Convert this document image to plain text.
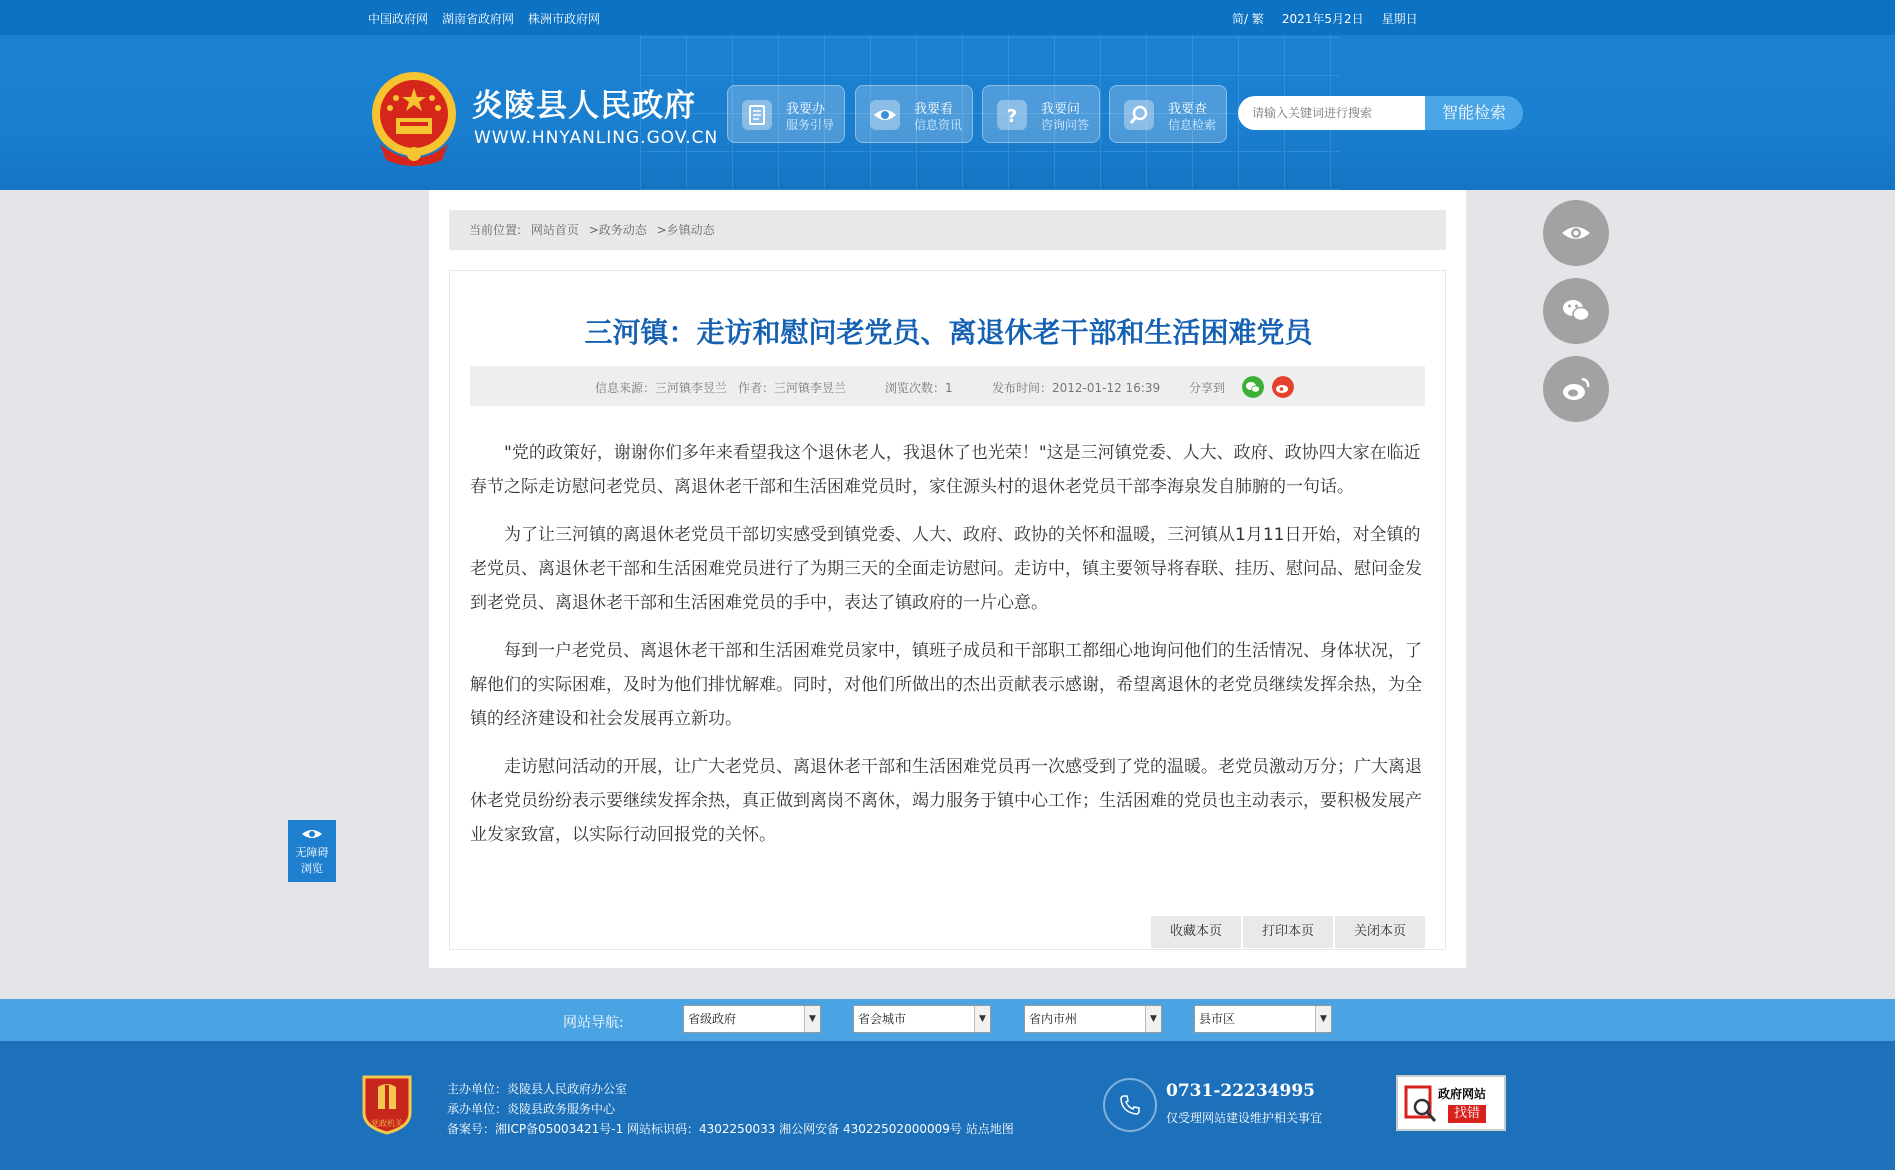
中国政府网 湖南省政府网 株洲市政府网	简/ 繁 2021年5月2日 星期日
炎陵县人民政府
WWW.HNYANLING.GOV.CN
我要办
服务引导
我要看
信息资讯 ? 我要问
咨询问答
我要查
信息检索
请输入关键词进行搜索
智能检索
当前位置: 网站首页 >政务动态 >乡镇动态
三河镇：走访和慰问老党员、离退休老干部和生活困难党员
信息来源：三河镇李昱兰 作者：三河镇李昱兰	浏览次数：1	发布时间：2012-01-12 16:39 分享到

"党的政策好，谢谢你们多年来看望我这个退休老人，我退休了也光荣！"这是三河镇党委、人大、政府、政协四大家在临近春节之际走访慰问老党员、离退休老干部和生活困难党员时，家住源头村的退休老党员干部李海泉发自肺腑的一句话。

为了让三河镇的离退休老党员干部切实感受到镇党委、人大、政府、政协的关怀和温暖，三河镇从1月11日开始，对全镇的老党员、离退休老干部和生活困难党员进行了为期三天的全面走访慰问。走访中，镇主要领导将春联、挂历、慰问品、慰问金发到老党员、离退休老干部和生活困难党员的手中，表达了镇政府的一片心意。

每到一户老党员、离退休老干部和生活困难党员家中，镇班子成员和干部职工都细心地询问他们的生活情况、身体状况，了解他们的实际困难，及时为他们排忧解难。同时，对他们所做出的杰出贡献表示感谢，希望离退休的老党员继续发挥余热，为全镇的经济建设和社会发展再立新功。

走访慰问活动的开展，让广大老党员、离退休老干部和生活困难党员再一次感受到了党的温暖。老党员激动万分；广大离退休老党员纷纷表示要继续发挥余热，真正做到离岗不离休，竭力服务于镇中心工作；生活困难的党员也主动表示，要积极发展产业发家致富，以实际行动回报党的关怀。

收藏本页	打印本页	关闭本页
无障碍
浏览
网站导航:	省级政府	▼	省会城市	▼	省内市州	▼	县市区	▼
党政机关
主办单位：炎陵县人民政府办公室
承办单位：炎陵县政务服务中心
备案号：湘ICP备05003421号-1 网站标识码：4302250033 湘公网安备 43022502000009号 站点地图
0731-22234995
仅受理网站建设维护相关事宜
政府网站
找错
